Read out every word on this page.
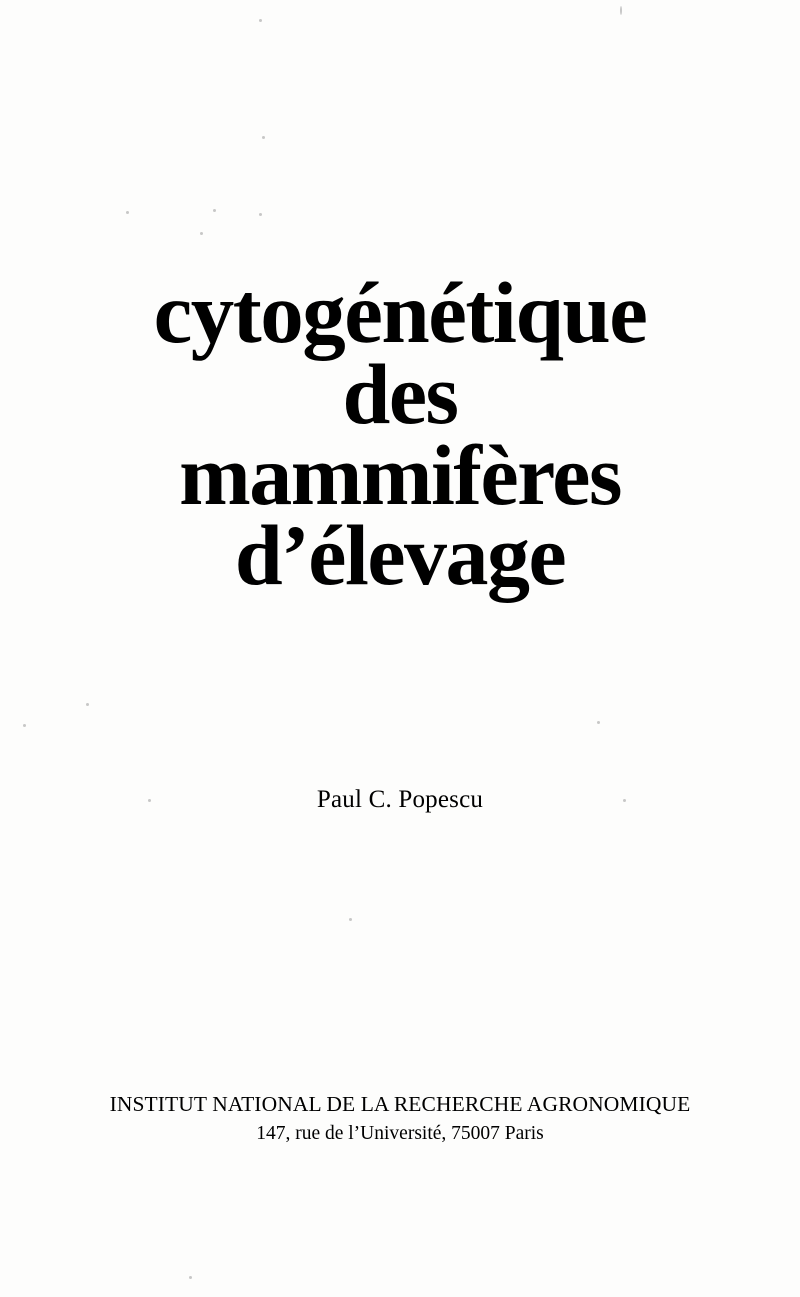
cytogénétique
des
mammifères
d’élevage
Paul C. Popescu
INSTITUT NATIONAL DE LA RECHERCHE AGRONOMIQUE
147, rue de l’Université, 75007 Paris
